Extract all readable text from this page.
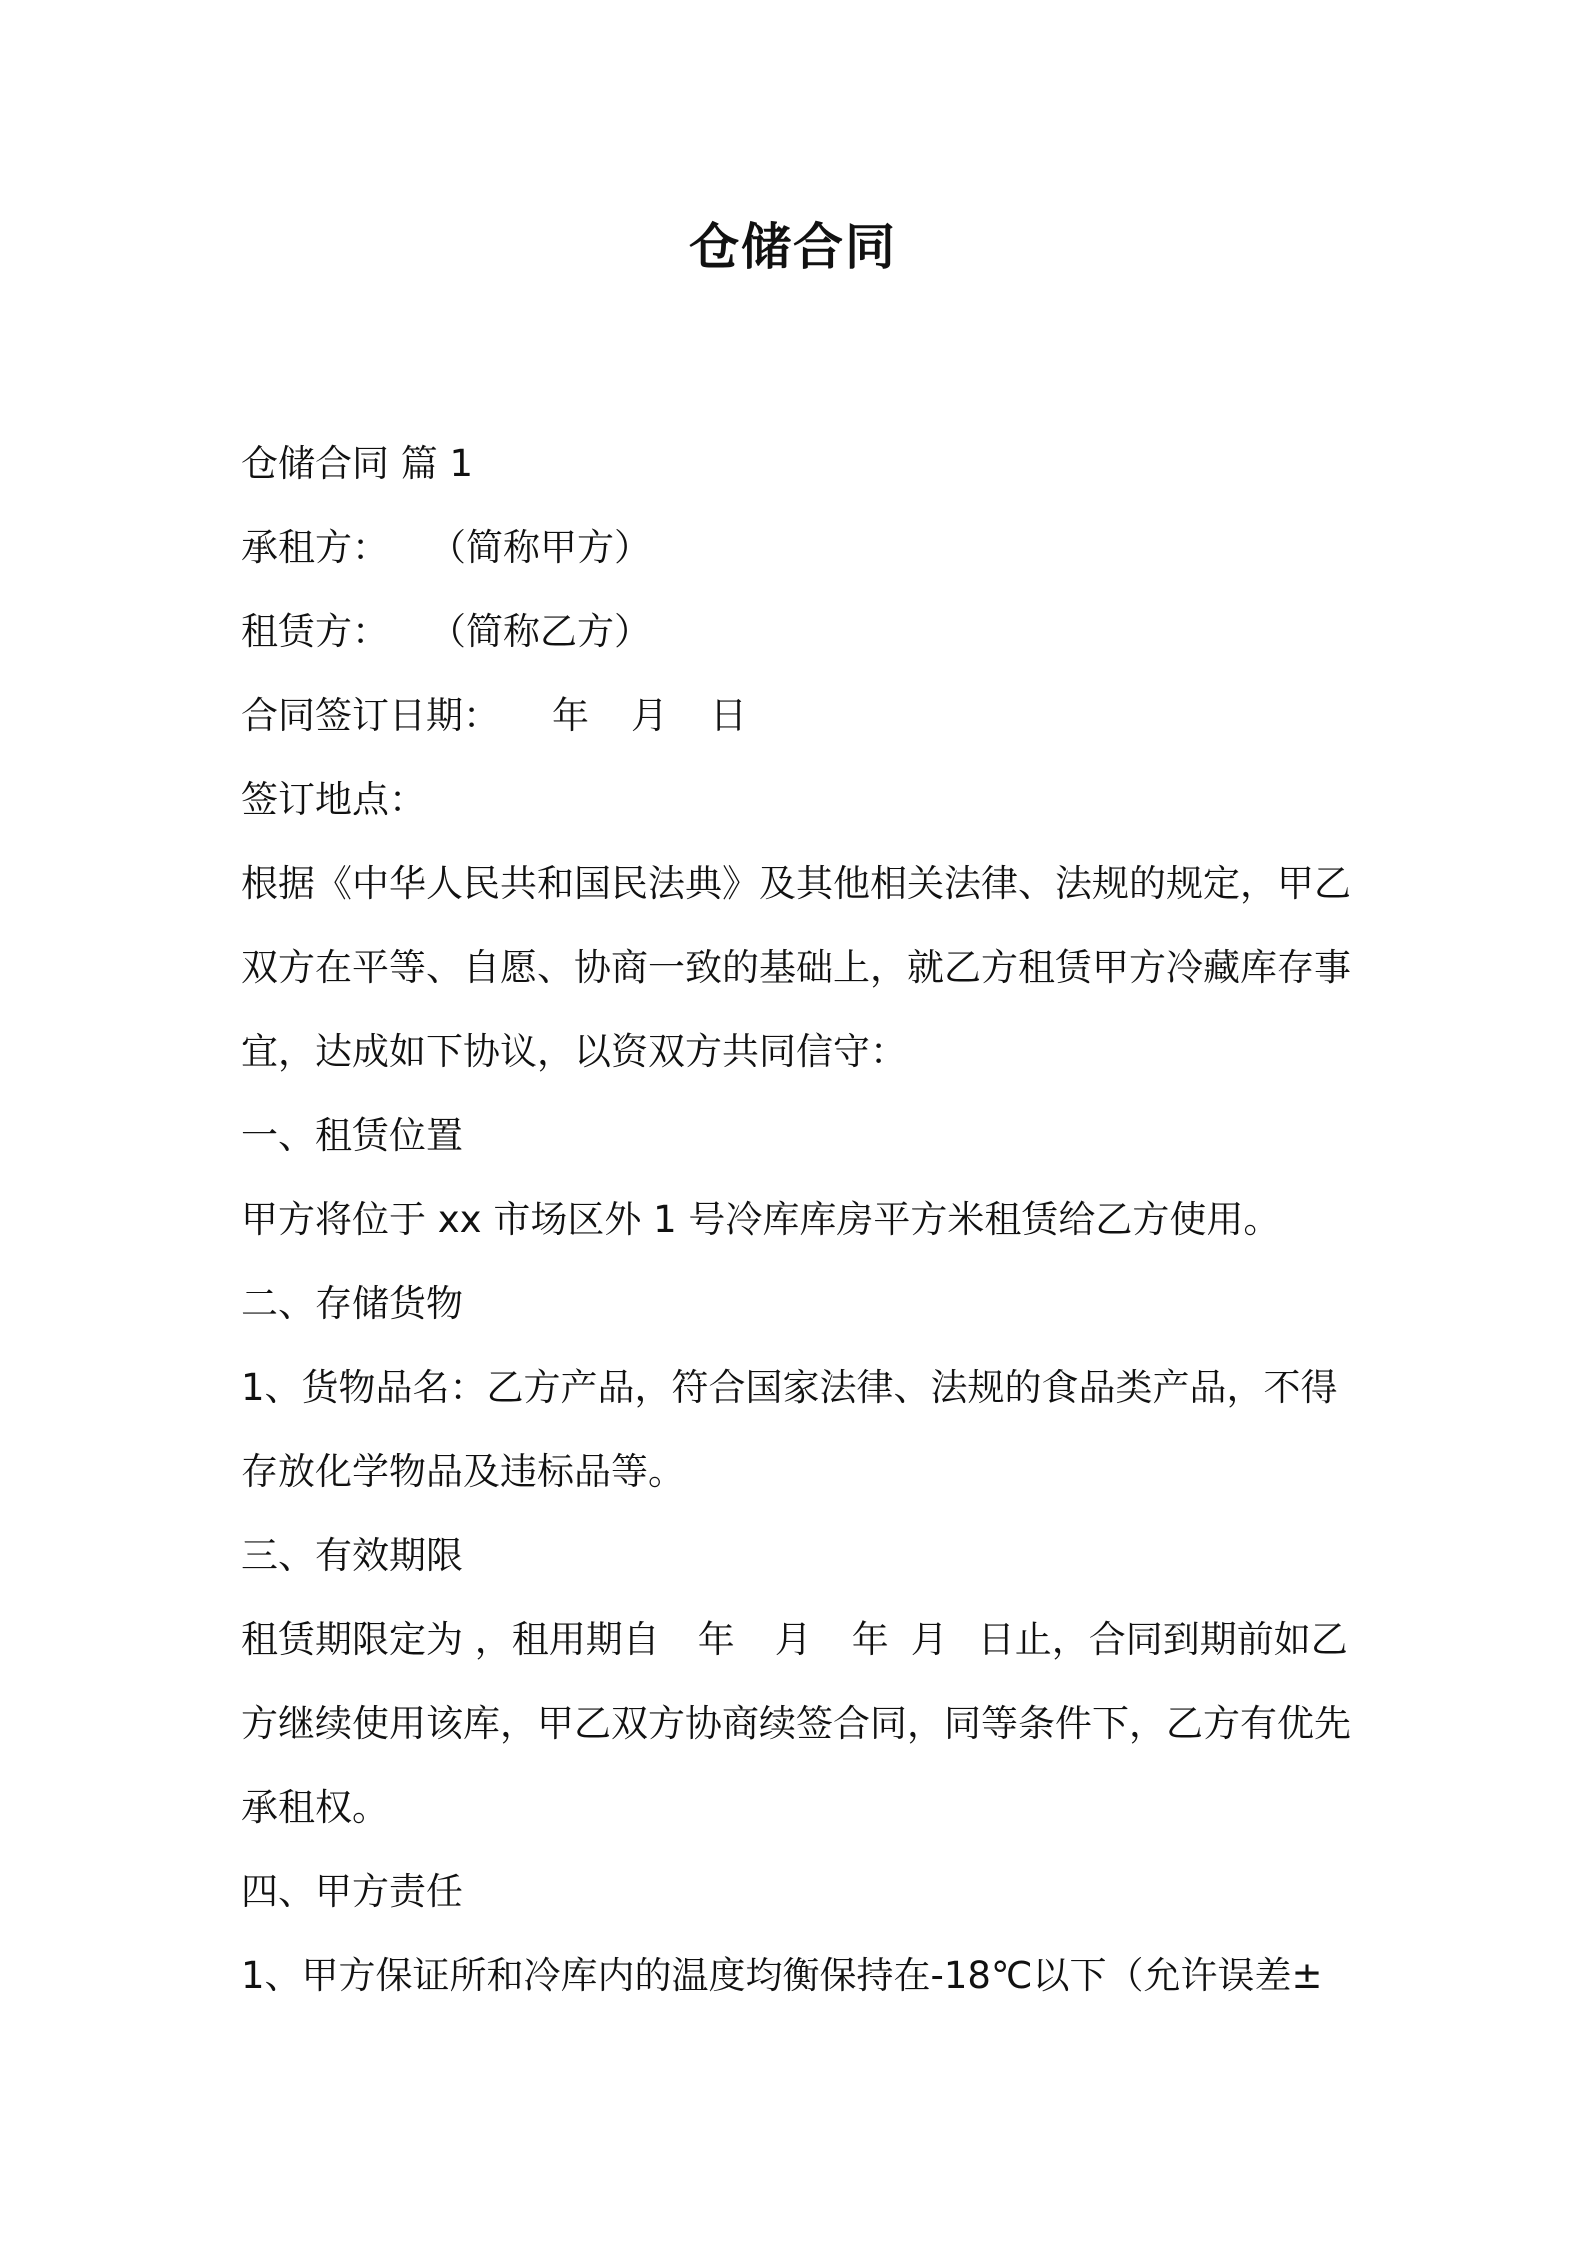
仓储合同
仓储合同 篇 1
承租方： （简称甲方）
租赁方： （简称乙方）
合同签订日期： 年 月 日
签订地点：
根据《中华人民共和国民法典》及其他相关法律、法规的规定，甲乙
双方在平等、自愿、协商一致的基础上，就乙方租赁甲方冷藏库存事
宜，达成如下协议，以资双方共同信守：
一、租赁位置
甲方将位于 xx 市场区外 1 号冷库库房平方米租赁给乙方使用。
二、存储货物
1、货物品名：乙方产品，符合国家法律、法规的食品类产品，不得
存放化学物品及违标品等。
三、有效期限
租赁期限定为 ，租用期自 年 月 年 月 日止，合同到期前如乙
方继续使用该库，甲乙双方协商续签合同，同等条件下，乙方有优先
承租权。
四、甲方责任
1、甲方保证所和冷库内的温度均衡保持在-18℃以下（允许误差±
